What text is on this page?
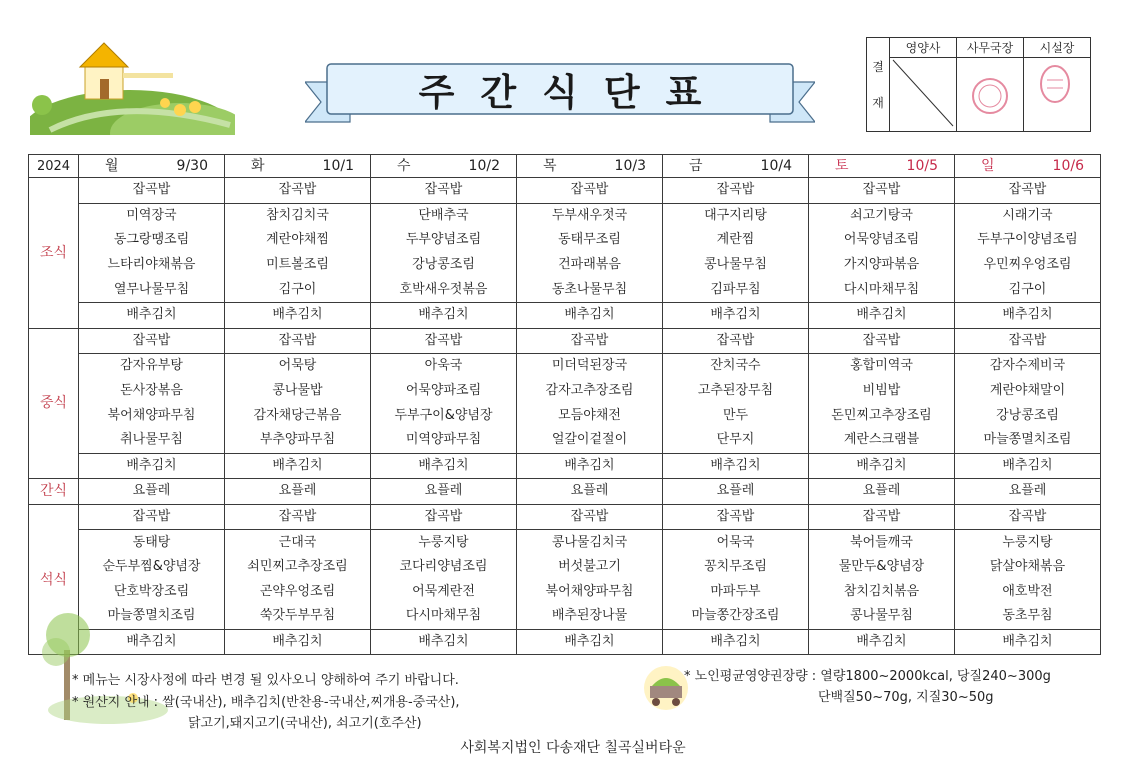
주간식단표
결
재	영양사	사무국장	시설장

2024	월 9/30	화 10/1	수 10/2	목 10/3	금 10/4	토 10/5	일 10/6

조식	잡곡밥	잡곡밥	잡곡밥	잡곡밥	잡곡밥	잡곡밥	잡곡밥
	미역장국	참치김치국	단배추국	두부새우젓국	대구지리탕	쇠고기탕국	시래기국
	동그랑땡조림	계란야채찜	두부양념조림	동태무조림	계란찜	어묵양념조림	두부구이양념조림
	느타리야채볶음	미트볼조림	강낭콩조림	건파래볶음	콩나물무침	가지양파볶음	우민찌우엉조림
	열무나물무침	김구이	호박새우젓볶음	동초나물무침	김파무침	다시마채무침	김구이
	배추김치	배추김치	배추김치	배추김치	배추김치	배추김치	배추김치
중식	잡곡밥	잡곡밥	잡곡밥	잡곡밥	잡곡밥	잡곡밥	잡곡밥
	감자유부탕	어묵탕	아욱국	미더덕된장국	잔치국수	홍합미역국	감자수제비국
	돈사장볶음	콩나물밥	어묵양파조림	감자고추장조림	고추된장무침	비빔밥	계란야채말이
	북어채양파무침	감자채당근볶음	두부구이&양념장	모듬야채전	만두	돈민찌고추장조림	강낭콩조림
	취나물무침	부추양파무침	미역양파무침	얼갈이겉절이	단무지	계란스크램블	마늘쫑멸치조림
	배추김치	배추김치	배추김치	배추김치	배추김치	배추김치	배추김치
간식	요플레	요플레	요플레	요플레	요플레	요플레	요플레
석식	잡곡밥	잡곡밥	잡곡밥	잡곡밥	잡곡밥	잡곡밥	잡곡밥
	동태탕	근대국	누룽지탕	콩나물김치국	어묵국	북어들깨국	누룽지탕
	순두부찜&양념장	쇠민찌고추장조림	코다리양념조림	버섯불고기	꽁치무조림	물만두&양념장	닭살야채볶음
	단호박장조림	곤약우엉조림	어묵계란전	북어채양파무침	마파두부	참치김치볶음	애호박전
	마늘쫑멸치조림	쑥갓두부무침	다시마채무침	배추된장나물	마늘쫑간장조림	콩나물무침	동초무침
	배추김치	배추김치	배추김치	배추김치	배추김치	배추김치	배추김치
* 메뉴는 시장사정에 따라 변경 될 있사오니 양해하여 주기 바랍니다.
* 원산지 안내 : 쌀(국내산), 배추김치(반찬용-국내산,찌개용-중국산),
닭고기,돼지고기(국내산), 쇠고기(호주산)
* 노인평균영양권장량 : 열량1800~2000kcal, 당질240~300g
단백질50~70g, 지질30~50g
사회복지법인 다송재단 칠곡실버타운
